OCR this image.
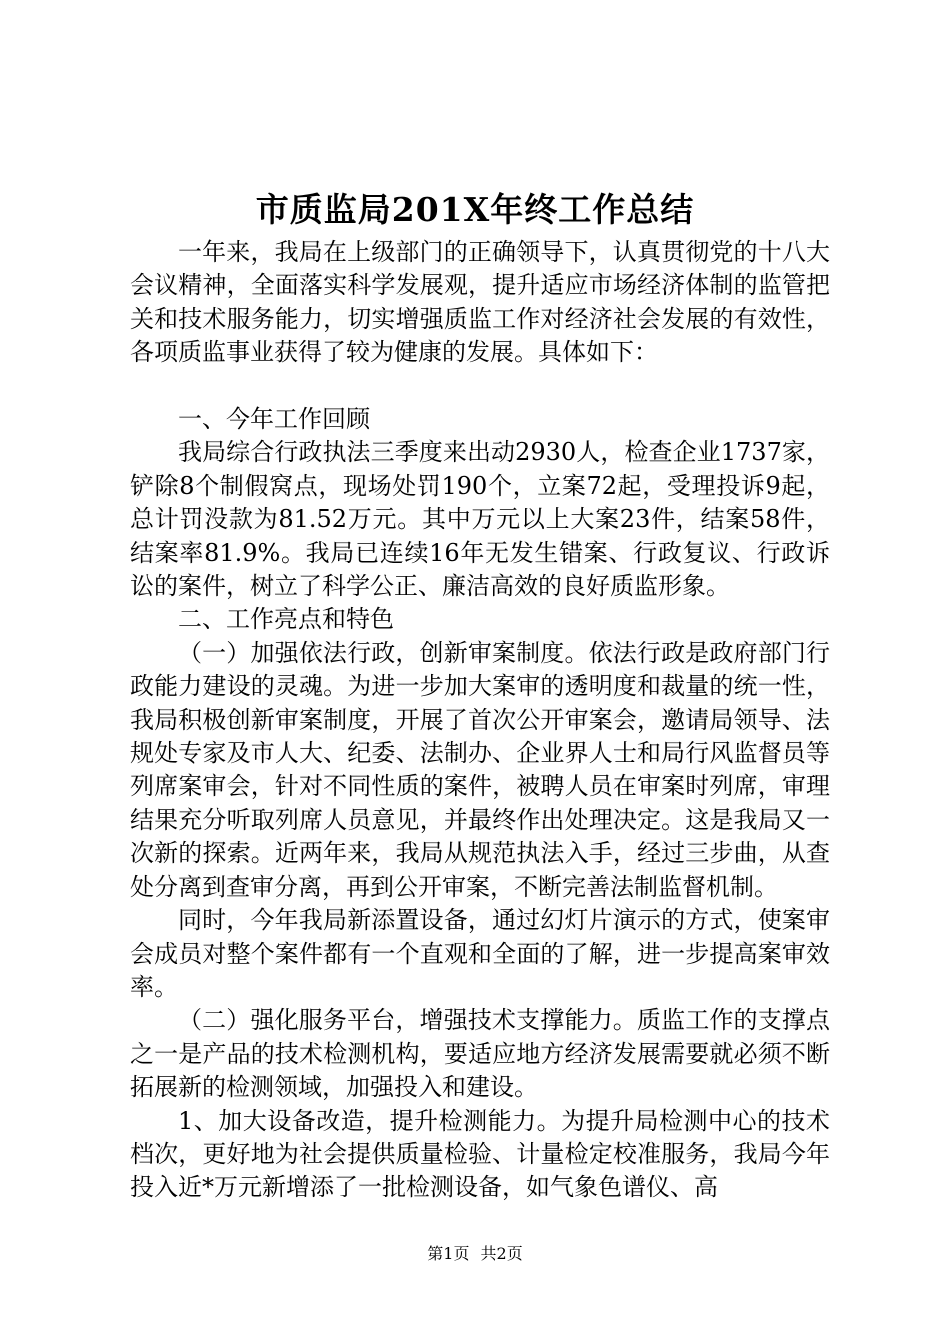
市质监局201X年终工作总结

一年来，我局在上级部门的正确领导下，认真贯彻党的十八大会议精神，全面落实科学发展观，提升适应市场经济体制的监管把关和技术服务能力，切实增强质监工作对经济社会发展的有效性，各项质监事业获得了较为健康的发展。具体如下：

一、今年工作回顾

我局综合行政执法三季度来出动2930人，检查企业1737家，铲除8个制假窝点，现场处罚190个，立案72起，受理投诉9起，总计罚没款为81.52万元。其中万元以上大案23件，结案58件，结案率81.9%。我局已连续16年无发生错案、行政复议、行政诉讼的案件，树立了科学公正、廉洁高效的良好质监形象。

二、工作亮点和特色

（一）加强依法行政，创新审案制度。依法行政是政府部门行政能力建设的灵魂。为进一步加大案审的透明度和裁量的统一性，我局积极创新审案制度，开展了首次公开审案会，邀请局领导、法规处专家及市人大、纪委、法制办、企业界人士和局行风监督员等列席案审会，针对不同性质的案件，被聘人员在审案时列席，审理结果充分听取列席人员意见，并最终作出处理决定。这是我局又一次新的探索。近两年来，我局从规范执法入手，经过三步曲，从查处分离到查审分离，再到公开审案，不断完善法制监督机制。

同时，今年我局新添置设备，通过幻灯片演示的方式，使案审会成员对整个案件都有一个直观和全面的了解，进一步提高案审效率。

（二）强化服务平台，增强技术支撑能力。质监工作的支撑点之一是产品的技术检测机构，要适应地方经济发展需要就必须不断拓展新的检测领域，加强投入和建设。

1、加大设备改造，提升检测能力。为提升局检测中心的技术档次，更好地为社会提供质量检验、计量检定校准服务，我局今年投入近*万元新增添了一批检测设备，如气象色谱仪、高

第1页 共2页
